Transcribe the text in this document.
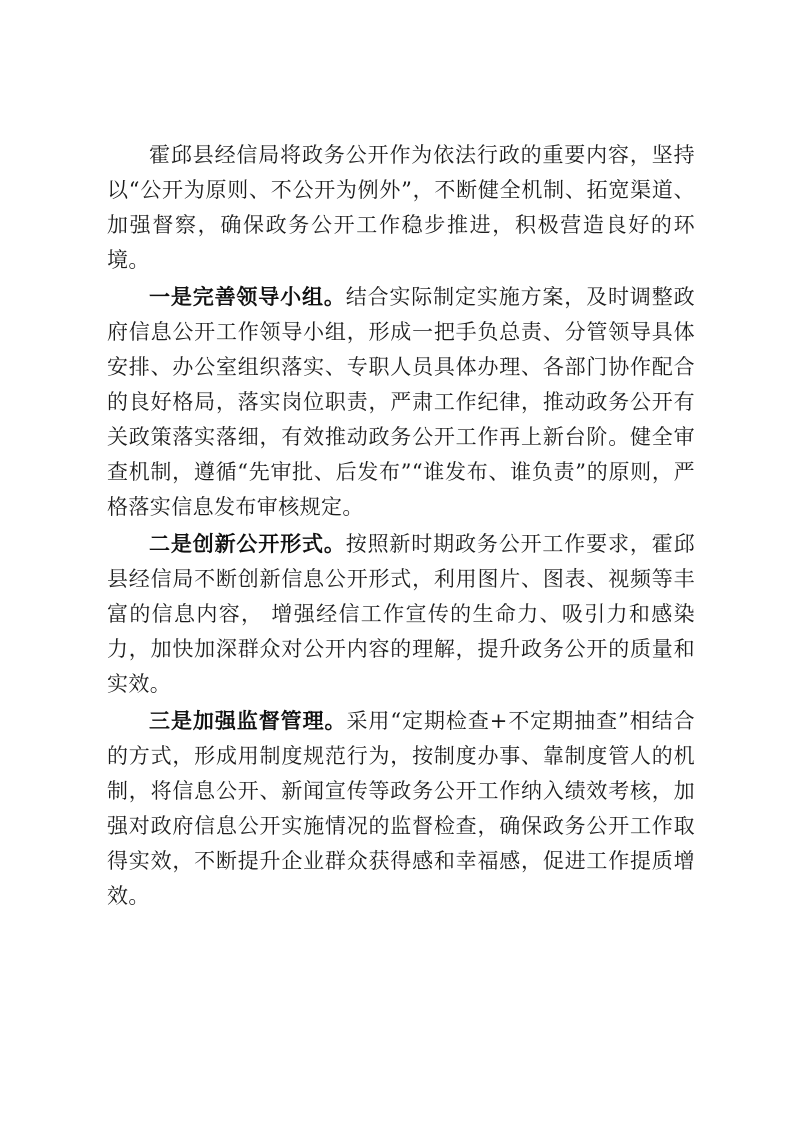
霍邱县经信局将政务公开作为依法行政的重要内容，坚持以“公开为原则、不公开为例外”，不断健全机制、拓宽渠道、加强督察，确保政务公开工作稳步推进，积极营造良好的环境。

一是完善领导小组。结合实际制定实施方案，及时调整政府信息公开工作领导小组，形成一把手负总责、分管领导具体安排、办公室组织落实、专职人员具体办理、各部门协作配合的良好格局，落实岗位职责，严肃工作纪律，推动政务公开有关政策落实落细，有效推动政务公开工作再上新台阶。健全审查机制，遵循“先审批、后发布”“谁发布、谁负责”的原则，严格落实信息发布审核规定。

二是创新公开形式。按照新时期政务公开工作要求，霍邱县经信局不断创新信息公开形式，利用图片、图表、视频等丰富的信息内容， 增强经信工作宣传的生命力、吸引力和感染力，加快加深群众对公开内容的理解，提升政务公开的质量和实效。

三是加强监督管理。采用“定期检查+不定期抽查”相结合的方式，形成用制度规范行为，按制度办事、靠制度管人的机制，将信息公开、新闻宣传等政务公开工作纳入绩效考核，加强对政府信息公开实施情况的监督检查，确保政务公开工作取得实效，不断提升企业群众获得感和幸福感，促进工作提质增效。
